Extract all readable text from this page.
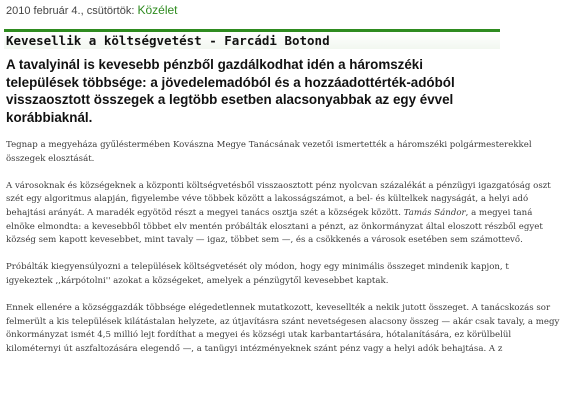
2010 február 4., csütörtök: Közélet
Kevesellik a költségvetést - Farcádi Botond
A tavalyinál is kevesebb pénzből gazdálkodhat idén a háromszéki
települések többsége: a jövedelemadóból és a hozzáadottérték-adóból
visszaosztott összegek a legtöbb esetben alacsonyabbak az egy évvel
korábbiaknál.

Tegnap a megyeháza gyűléstermében Kovászna Megye Tanácsának vezetői ismertették a háromszéki polgármesterekkel
összegek elosztását.

A városoknak és községeknek a központi költségvetésből visszaosztott pénz nyolcvan százalékát a pénzügyi igazgatóság oszt
szét egy algoritmus alapján, figyelembe véve többek között a lakosságszámot, a bel- és kültelkek nagyságát, a helyi adó
behajtási arányát. A maradék egyötöd részt a megyei tanács osztja szét a községek között. Tamás Sándor, a megyei taná
elnöke elmondta: a kevesebből többet elv mentén próbálták elosztani a pénzt, az önkormányzat által eloszott részből egyet
község sem kapott kevesebbet, mint tavaly — igaz, többet sem —, és a csökkenés a városok esetében sem számottevő.

Próbálták kiegyensúlyozni a települések költségvetését oly módon, hogy egy minimális összeget mindenik kapjon, t
igyekeztek ,,kárpótolni'' azokat a községeket, amelyek a pénzügytől kevesebbet kaptak.

Ennek ellenére a községgazdák többsége elégedetlennek mutatkozott, kevesellték a nekik jutott összeget. A tanácskozás sor
felmerült a kis települések kilátástalan helyzete, az útjavításra szánt nevetségesen alacsony összeg — akár csak tavaly, a megy
önkormányzat ismét 4,5 millió lejt fordíthat a megyei és községi utak karbantartására, hótalanítására, ez körülbelül
kilométernyi út aszfaltozására elegendő —, a tanügyi intézményeknek szánt pénz vagy a helyi adók behajtása. A z
